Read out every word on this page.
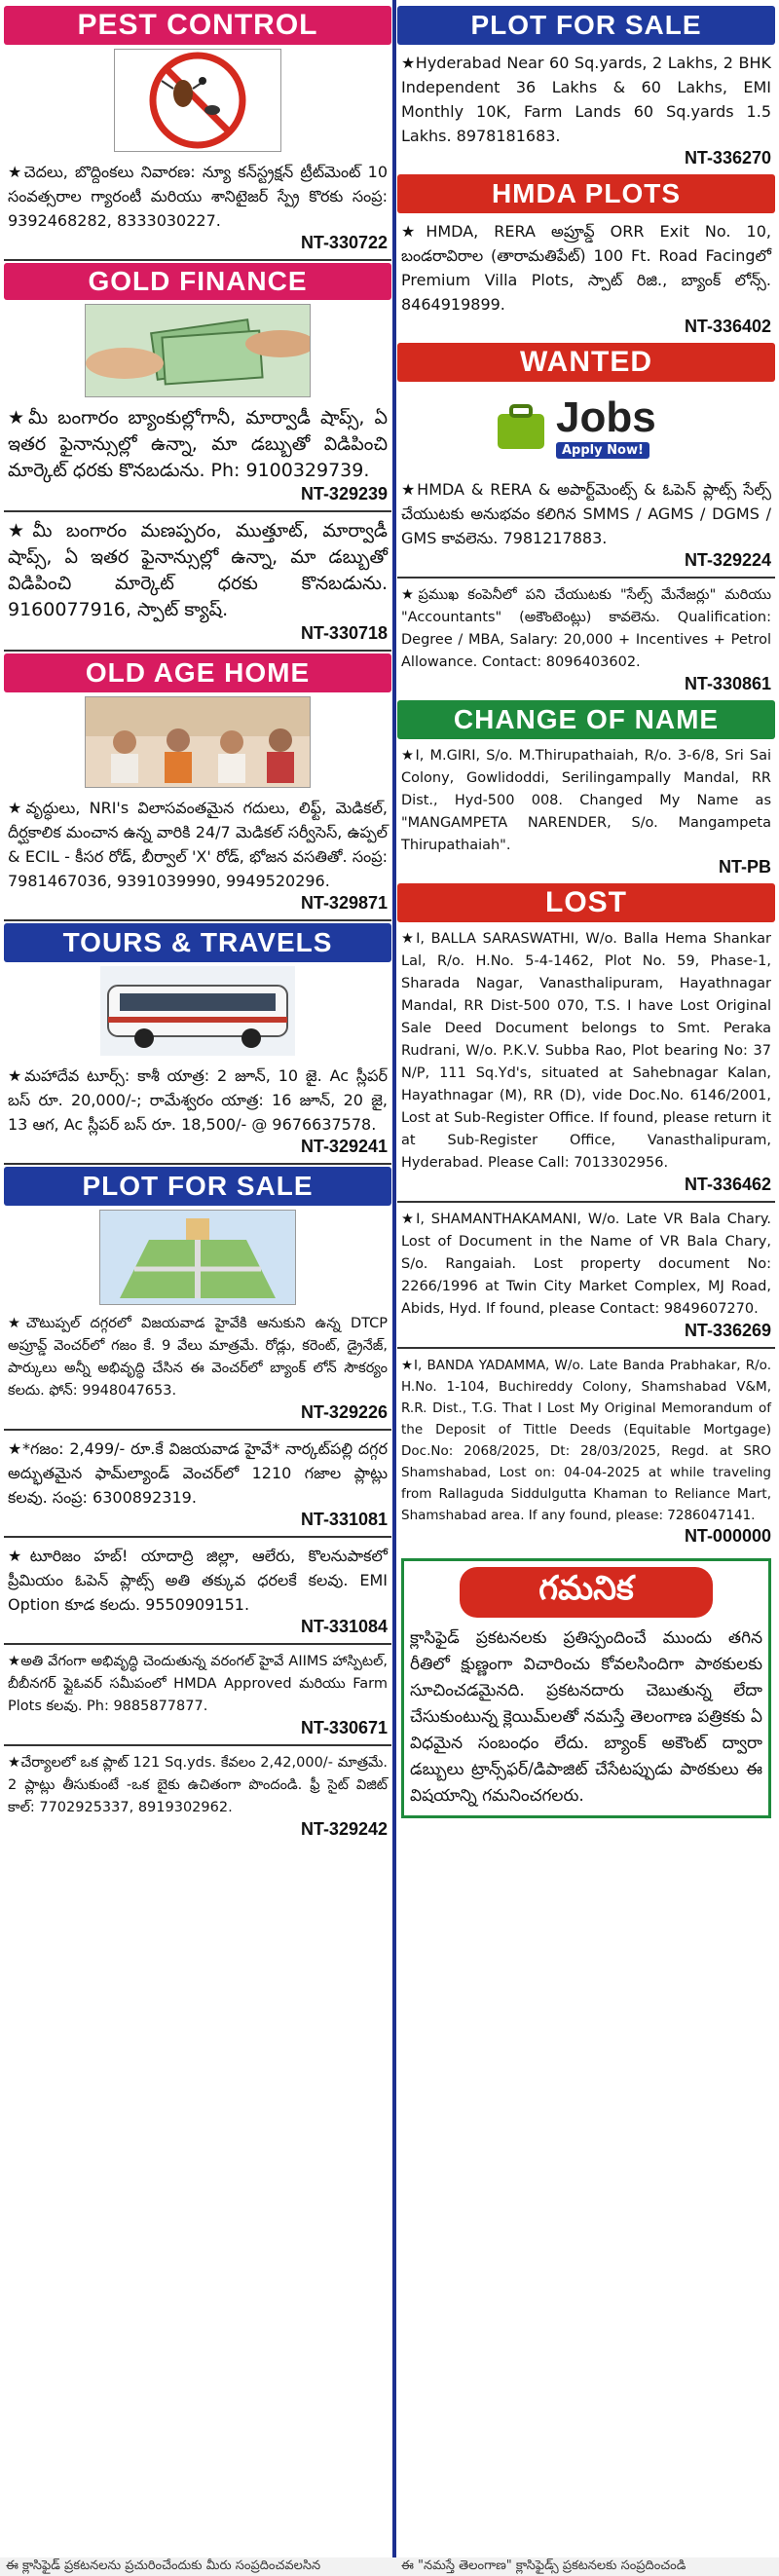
PEST CONTROL
★చెదలు, బొద్దింకలు నివారణ: న్యూ కన్‌స్ట్రక్షన్ ట్రీట్‌మెంట్ 10 సంవత్సరాల గ్యారంటీ మరియు శానిటైజర్ స్ప్రే కొరకు సంప్ర: 9392468282, 8333030227.
NT-330722
GOLD FINANCE
★మీ బంగారం బ్యాంకుల్లోగానీ, మార్వాడీ షాప్స్, ఏ ఇతర ఫైనాన్సుల్లో ఉన్నా, మా డబ్బుతో విడిపించి మార్కెట్ ధరకు కొనబడును. Ph: 9100329739.
NT-329239
★మీ బంగారం మణప్పరం, ముత్తూట్, మార్వాడీ షాప్స్, ఏ ఇతర ఫైనాన్సుల్లో ఉన్నా, మా డబ్బుతో విడిపించి మార్కెట్ ధరకు కొనబడును. 9160077916, స్పాట్ క్యాష్.
NT-330718
OLD AGE HOME
★వృద్ధులు, NRI's విలాసవంతమైన గదులు, లిఫ్ట్, మెడికల్, దీర్ఘకాలిక మంచాన ఉన్న వారికి 24/7 మెడికల్ సర్వీసెస్, ఉప్పల్ & ECIL - కీసర రోడ్, బీర్వాల్ 'X' రోడ్, భోజన వసతితో. సంప్ర: 7981467036, 9391039990, 9949520296.
NT-329871
TOURS & TRAVELS
★మహాదేవ టూర్స్: కాశీ యాత్ర: 2 జూన్, 10 జై. Ac స్లీపర్ బస్ రూ. 20,000/-; రామేశ్వరం యాత్ర: 16 జూన్, 20 జై, 13 ఆగ, Ac స్లీపర్ బస్ రూ. 18,500/- @ 9676637578.
NT-329241
PLOT FOR SALE
★చౌటుప్పల్ దగ్గరలో విజయవాడ హైవేకి ఆనుకుని ఉన్న DTCP అప్రూవ్డ్ వెంచర్‌లో గజం కే. 9 వేలు మాత్రమే. రోడ్లు, కరెంట్, డ్రైనేజ్, పార్కులు అన్నీ అభివృద్ధి చేసిన ఈ వెంచర్‌లో బ్యాంక్ లోన్ సౌకర్యం కలదు. ఫోన్: 9948047653.
NT-329226
★*గజం: 2,499/- రూ.కే విజయవాడ హైవే* నార్కట్‌పల్లి దగ్గర అద్భుతమైన ఫామ్‌ల్యాండ్ వెంచర్‌లో 1210 గజాల ప్లాట్లు కలవు. సంప్ర: 6300892319.
NT-331081
★టూరిజం హబ్! యాదాద్రి జిల్లా, ఆలేరు, కొలనుపాకలో ప్రీమియం ఓపెన్ ప్లాట్స్ అతి తక్కువ ధరలకే కలవు. EMI Option కూడ కలదు. 9550909151.
NT-331084
★అతి వేగంగా అభివృద్ధి చెందుతున్న వరంగల్ హైవే AIIMS హాస్పిటల్, బీబీనగర్ ఫ్లైఓవర్ సమీపంలో HMDA Approved మరియు Farm Plots కలవు. Ph: 9885877877.
NT-330671
★చేర్యాలలో ఒక ప్లాట్ 121 Sq.yds. కేవలం 2,42,000/- మాత్రమే. 2 ప్లాట్లు తీసుకుంటే -ఒక బైకు ఉచితంగా పొందండి. ఫ్రీ సైట్ విజిట్ కాల్: 7702925337, 8919302962.
NT-329242
PLOT FOR SALE
★Hyderabad Near 60 Sq.yards, 2 Lakhs, 2 BHK Independent 36 Lakhs & 60 Lakhs, EMI Monthly 10K, Farm Lands 60 Sq.yards 1.5 Lakhs. 8978181683.
NT-336270
HMDA PLOTS
★HMDA, RERA అప్రూవ్డ్ ORR Exit No. 10, బండరావిరాల (తారామతిపేట్) 100 Ft. Road Facingలో Premium Villa Plots, స్పాట్ రిజి., బ్యాంక్ లోన్స్. 8464919899.
NT-336402
WANTED
Jobs
Apply Now!
★HMDA & RERA & అపార్ట్‌మెంట్స్ & ఓపెన్ ప్లాట్స్ సేల్స్ చేయుటకు అనుభవం కలిగిన SMMS / AGMS / DGMS / GMS కావలెను. 7981217883.
NT-329224
★ప్రముఖ కంపెనీలో పని చేయుటకు "సేల్స్ మేనేజర్లు" మరియు "Accountants" (అకౌంటెంట్లు) కావలెను. Qualification: Degree / MBA, Salary: 20,000 + Incentives + Petrol Allowance. Contact: 8096403602.
NT-330861
CHANGE OF NAME
★I, M.GIRI, S/o. M.Thirupathaiah, R/o. 3-6/8, Sri Sai Colony, Gowlidoddi, Serilingampally Mandal, RR Dist., Hyd-500 008. Changed My Name as "MANGAMPETA NARENDER, S/o. Mangampeta Thirupathaiah".
NT-PB
LOST
★I, BALLA SARASWATHI, W/o. Balla Hema Shankar Lal, R/o. H.No. 5-4-1462, Plot No. 59, Phase-1, Sharada Nagar, Vanasthalipuram, Hayathnagar Mandal, RR Dist-500 070, T.S. I have Lost Original Sale Deed Document belongs to Smt. Peraka Rudrani, W/o. P.K.V. Subba Rao, Plot bearing No: 37 N/P, 111 Sq.Yd's, situated at Sahebnagar Kalan, Hayathnagar (M), RR (D), vide Doc.No. 6146/2001, Lost at Sub-Register Office. If found, please return it at Sub-Register Office, Vanasthalipuram, Hyderabad. Please Call: 7013302956.
NT-336462
★I, SHAMANTHAKAMANI, W/o. Late VR Bala Chary. Lost of Document in the Name of VR Bala Chary, S/o. Rangaiah. Lost property document No: 2266/1996 at Twin City Market Complex, MJ Road, Abids, Hyd. If found, please Contact: 9849607270.
NT-336269
★I, BANDA YADAMMA, W/o. Late Banda Prabhakar, R/o. H.No. 1-104, Buchireddy Colony, Shamshabad V&M, R.R. Dist., T.G. That I Lost My Original Memorandum of the Deposit of Tittle Deeds (Equitable Mortgage) Doc.No: 2068/2025, Dt: 28/03/2025, Regd. at SRO Shamshabad, Lost on: 04-04-2025 at while traveling from Rallaguda Siddulgutta Khaman to Reliance Mart, Shamshabad area. If any found, please: 7286047141.
NT-000000
గమనిక
క్లాసిఫైడ్ ప్రకటనలకు ప్రతిస్పందించే ముందు తగిన రీతిలో క్షుణ్ణంగా విచారించు కోవలసిందిగా పాఠకులకు సూచించడమైనది. ప్రకటనదారు చెబుతున్న లేదా చేసుకుంటున్న క్లెయిమ్‌లతో నమస్తే తెలంగాణ పత్రికకు ఏ విధమైన సంబంధం లేదు. బ్యాంక్ అకౌంట్ ద్వారా డబ్బులు ట్రాన్స్‌ఫర్/డిపాజిట్ చేసేటప్పుడు పాఠకులు ఈ విషయాన్ని గమనించగలరు.
ఈ క్లాసిఫైడ్ ప్రకటనలను ప్రచురించేందుకు మీరు సంప్రదించవలసిన	ఈ "నమస్తే తెలంగాణ" క్లాసిఫైడ్స్ ప్రకటనలకు సంప్రదించండి
